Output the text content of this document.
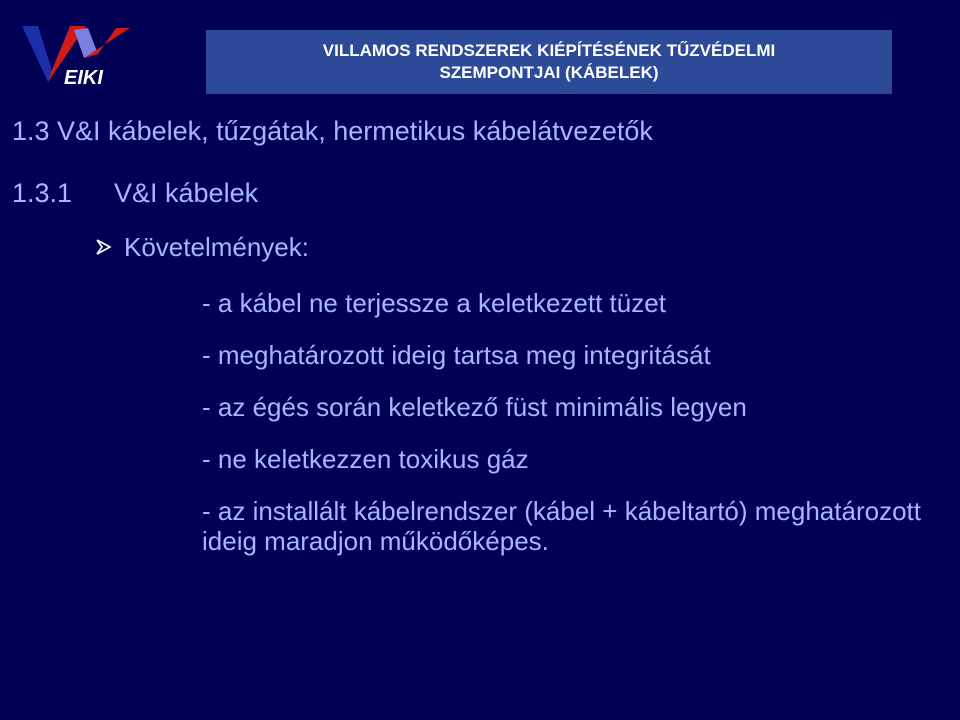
EIKI
VILLAMOS RENDSZEREK KIÉPÍTÉSÉNEK TŰZVÉDELMI
SZEMPONTJAI (KÁBELEK)
1.3 V&I kábelek, tűzgátak, hermetikus kábelátvezetők
1.3.1 V&I kábelek
Követelmények:
- a kábel ne terjessze a keletkezett tüzet
- meghatározott ideig tartsa meg integritását
- az égés során keletkező füst minimális legyen
- ne keletkezzen toxikus gáz
- az installált kábelrendszer (kábel + kábeltartó) meghatározott ideig maradjon működőképes.
